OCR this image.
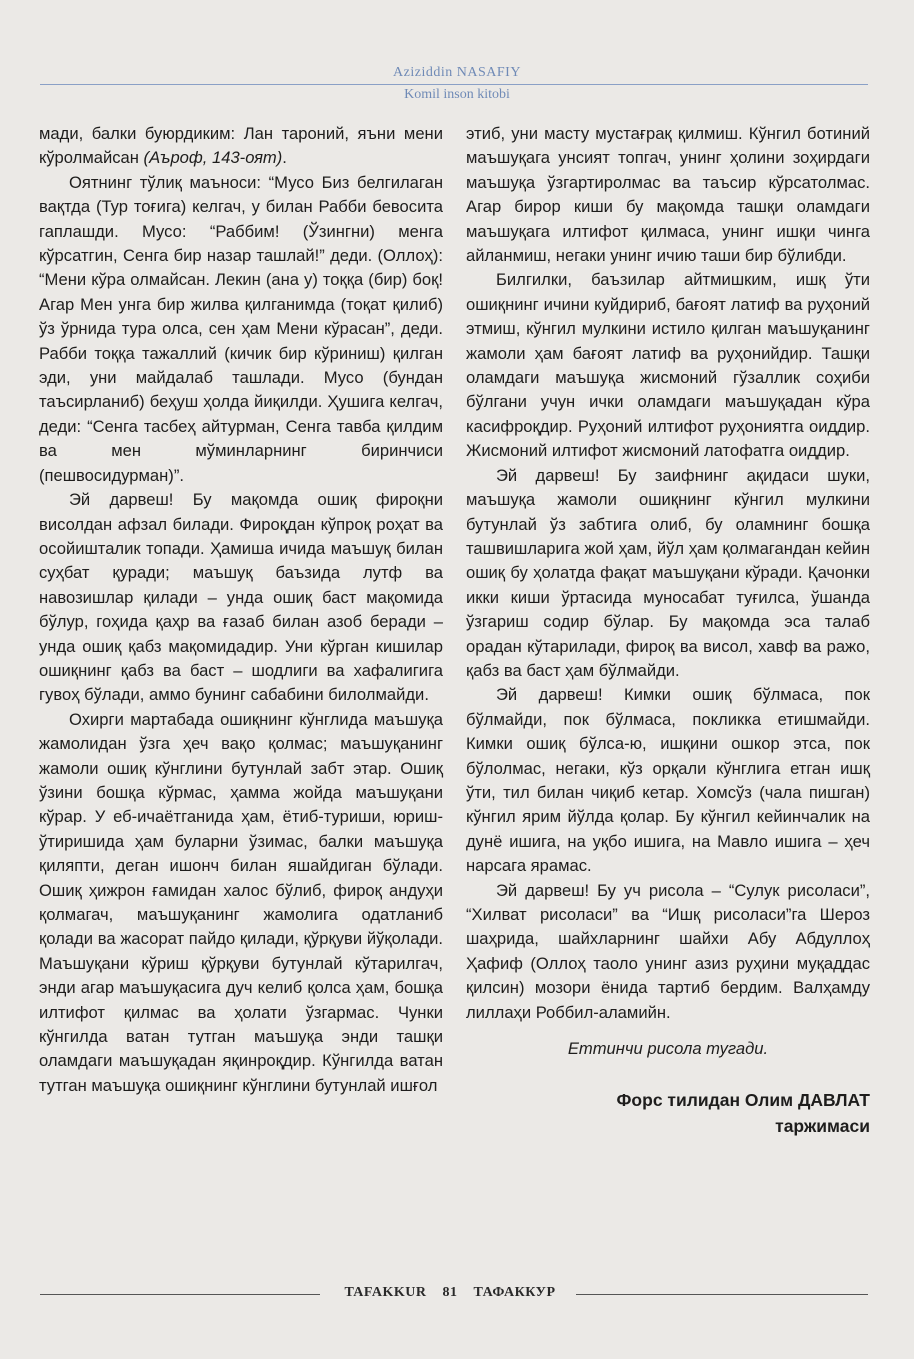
Aziziddin NASAFIY
Komil inson kitobi

мади, балки буюрдиким: Лан тароний, яъни мени кўролмайсан (Аъроф, 143-оят).

Оятнинг тўлиқ маъноси: “Мусо Биз белгилаган вақтда (Тур тоғига) келгач, у билан Рабби бевосита гаплашди. Мусо: “Раббим! (Ўзингни) менга кўрсатгин, Сенга бир назар ташлай!” деди. (Оллоҳ): “Мени кўра олмайсан. Лекин (ана у) тоққа (бир) боқ! Агар Мен унга бир жилва қилганимда (тоқат қилиб) ўз ўрнида тура олса, сен ҳам Мени кўрасан”, деди. Рабби тоққа тажаллий (кичик бир кўриниш) қилган эди, уни майдалаб ташлади. Мусо (бундан таъсирланиб) беҳуш ҳолда йиқилди. Ҳушига келгач, деди: “Сенга тасбеҳ айтурман, Сенга тавба қилдим ва мен мўминларнинг биринчиси (пешвосидурман)”.

Эй дарвеш! Бу мақомда ошиқ фироқни висолдан афзал билади. Фироқдан кўпроқ роҳат ва осойишталик топади. Ҳамиша ичида маъшуқ билан суҳбат қуради; маъшуқ баъзида лутф ва навозишлар қилади – унда ошиқ баст мақомида бўлур, гоҳида қаҳр ва ғазаб билан азоб беради – унда ошиқ қабз мақомидадир. Уни кўрган кишилар ошиқнинг қабз ва баст – шодлиги ва хафалигига гувоҳ бўлади, аммо бунинг сабабини билолмайди.

Охирги мартабада ошиқнинг кўнглида маъшуқа жамолидан ўзга ҳеч вақо қолмас; маъшуқанинг жамоли ошиқ кўнглини бутунлай забт этар. Ошиқ ўзини бошқа кўрмас, ҳамма жойда маъшуқани кўрар. У еб-ичаётганида ҳам, ётиб-туриши, юриш-ўтиришида ҳам буларни ўзимас, балки маъшуқа қиляпти, деган ишонч билан яшайдиган бўлади. Ошиқ ҳижрон ғамидан халос бўлиб, фироқ андуҳи қолмагач, маъшуқанинг жамолига одатланиб қолади ва жасорат пайдо қилади, қўрқуви йўқолади. Маъшуқани кўриш қўрқуви бутунлай кўтарилгач, энди агар маъшуқасига дуч келиб қолса ҳам, бошқа илтифот қилмас ва ҳолати ўзгармас. Чунки кўнгилда ватан тутган маъшуқа энди ташқи оламдаги маъшуқадан яқинроқдир. Кўнгилда ватан тутган маъшуқа ошиқнинг кўнглини бутунлай ишғол

этиб, уни масту мустағрақ қилмиш. Кўнгил ботиний маъшуқага унсият топгач, унинг ҳолини зоҳирдаги маъшуқа ўзгартиролмас ва таъсир кўрсатолмас. Агар бирор киши бу мақомда ташқи оламдаги маъшуқага илтифот қилмаса, унинг ишқи чинга айланмиш, негаки унинг ичию таши бир бўлибди.

Билгилки, баъзилар айтмишким, ишқ ўти ошиқнинг ичини куйдириб, бағоят латиф ва руҳоний этмиш, кўнгил мулкини истило қилган маъшуқанинг жамоли ҳам бағоят латиф ва руҳонийдир. Ташқи оламдаги маъшуқа жисмоний гўзаллик соҳиби бўлгани учун ички оламдаги маъшуқадан кўра касифроқдир. Руҳоний илтифот руҳониятга оиддир. Жисмоний илтифот жисмоний латофатга оиддир.

Эй дарвеш! Бу заифнинг ақидаси шуки, маъшуқа жамоли ошиқнинг кўнгил мулкини бутунлай ўз забтига олиб, бу оламнинг бошқа ташвишларига жой ҳам, йўл ҳам қолмагандан кейин ошиқ бу ҳолатда фақат маъшуқани кўради. Қачонки икки киши ўртасида муносабат туғилса, ўшанда ўзгариш содир бўлар. Бу мақомда эса талаб орадан кўтарилади, фироқ ва висол, хавф ва ражо, қабз ва баст ҳам бўлмайди.

Эй дарвеш! Кимки ошиқ бўлмаса, пок бўлмайди, пок бўлмаса, покликка етишмайди. Кимки ошиқ бўлса-ю, ишқини ошкор этса, пок бўлолмас, негаки, кўз орқали кўнглига етган ишқ ўти, тил билан чиқиб кетар. Хомсўз (чала пишган) кўнгил ярим йўлда қолар. Бу кўнгил кейинчалик на дунё ишига, на уқбо ишига, на Мавло ишига – ҳеч нарсага ярамас.

Эй дарвеш! Бу уч рисола – “Сулук рисоласи”, “Хилват рисоласи” ва “Ишқ рисоласи”га Шероз шаҳрида, шайхларнинг шайхи Абу Абдуллоҳ Ҳафиф (Оллоҳ таоло унинг азиз руҳини муқаддас қилсин) мозори ёнида тартиб бердим. Валҳамду лиллаҳи Роббил-аламийн.

Еттинчи рисола тугади.

Форс тилидан Олим ДАВЛАТ
таржимаси

TAFAKKUR 81 ТАФАККУР
